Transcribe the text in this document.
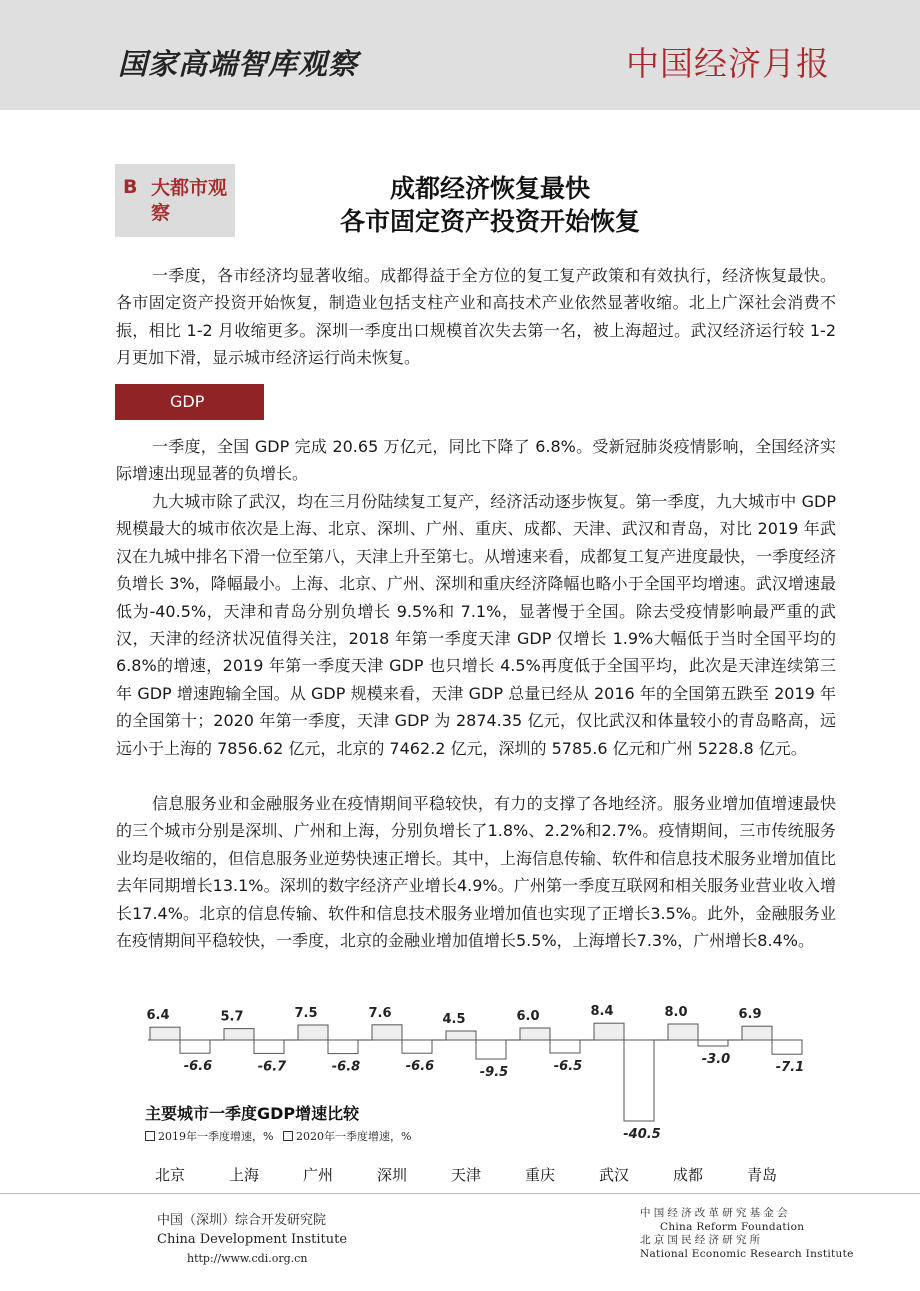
国家高端智库观察	中国经济月报
B 大都市观察
成都经济恢复最快
各市固定资产投资开始恢复

一季度，各市经济均显著收缩。成都得益于全方位的复工复产政策和有效执行，经济恢复最快。各市固定资产投资开始恢复，制造业包括支柱产业和高技术产业依然显著收缩。北上广深社会消费不振，相比 1-2 月收缩更多。深圳一季度出口规模首次失去第一名，被上海超过。武汉经济运行较 1-2 月更加下滑，显示城市经济运行尚未恢复。

GDP

一季度，全国 GDP 完成 20.65 万亿元，同比下降了 6.8%。受新冠肺炎疫情影响，全国经济实际增速出现显著的负增长。

九大城市除了武汉，均在三月份陆续复工复产，经济活动逐步恢复。第一季度，九大城市中 GDP 规模最大的城市依次是上海、北京、深圳、广州、重庆、成都、天津、武汉和青岛，对比 2019 年武汉在九城中排名下滑一位至第八，天津上升至第七。从增速来看，成都复工复产进度最快，一季度经济负增长 3%，降幅最小。上海、北京、广州、深圳和重庆经济降幅也略小于全国平均增速。武汉增速最低为-40.5%，天津和青岛分别负增长 9.5%和 7.1%，显著慢于全国。除去受疫情影响最严重的武汉，天津的经济状况值得关注，2018 年第一季度天津 GDP 仅增长 1.9%大幅低于当时全国平均的 6.8%的增速，2019 年第一季度天津 GDP 也只增长 4.5%再度低于全国平均，此次是天津连续第三年 GDP 增速跑输全国。从 GDP 规模来看，天津 GDP 总量已经从 2016 年的全国第五跌至 2019 年的全国第十；2020 年第一季度，天津 GDP 为 2874.35 亿元，仅比武汉和体量较小的青岛略高，远远小于上海的 7856.62 亿元，北京的 7462.2 亿元，深圳的 5785.6 亿元和广州 5228.8 亿元。

信息服务业和金融服务业在疫情期间平稳较快，有力的支撑了各地经济。服务业增加值增速最快的三个城市分别是深圳、广州和上海，分别负增长了1.8%、2.2%和2.7%。疫情期间，三市传统服务业均是收缩的，但信息服务业逆势快速正增长。其中，上海信息传输、软件和信息技术服务业增加值比去年同期增长13.1%。深圳的数字经济产业增长4.9%。广州第一季度互联网和相关服务业营业收入增长17.4%。北京的信息传输、软件和信息技术服务业增加值也实现了正增长3.5%。此外，金融服务业在疫情期间平稳较快，一季度，北京的金融业增加值增长5.5%，上海增长7.3%，广州增长8.4%。

6.4
-6.6
北京
5.7
-6.7
上海
7.5
-6.8
广州
7.6
-6.6
深圳
4.5
-9.5
天津
6.0
-6.5
重庆
8.4
-40.5
武汉
8.0
-3.0
成都
6.9
-7.1
青岛
主要城市一季度GDP增速比较
2019年一季度增速，% 2020年一季度增速，%
中国（深圳）综合开发研究院
China Development Institute
http://www.cdi.org.cn
中国经济改革研究基金会
China Reform Foundation
北京国民经济研究所
National Economic Research Institute
